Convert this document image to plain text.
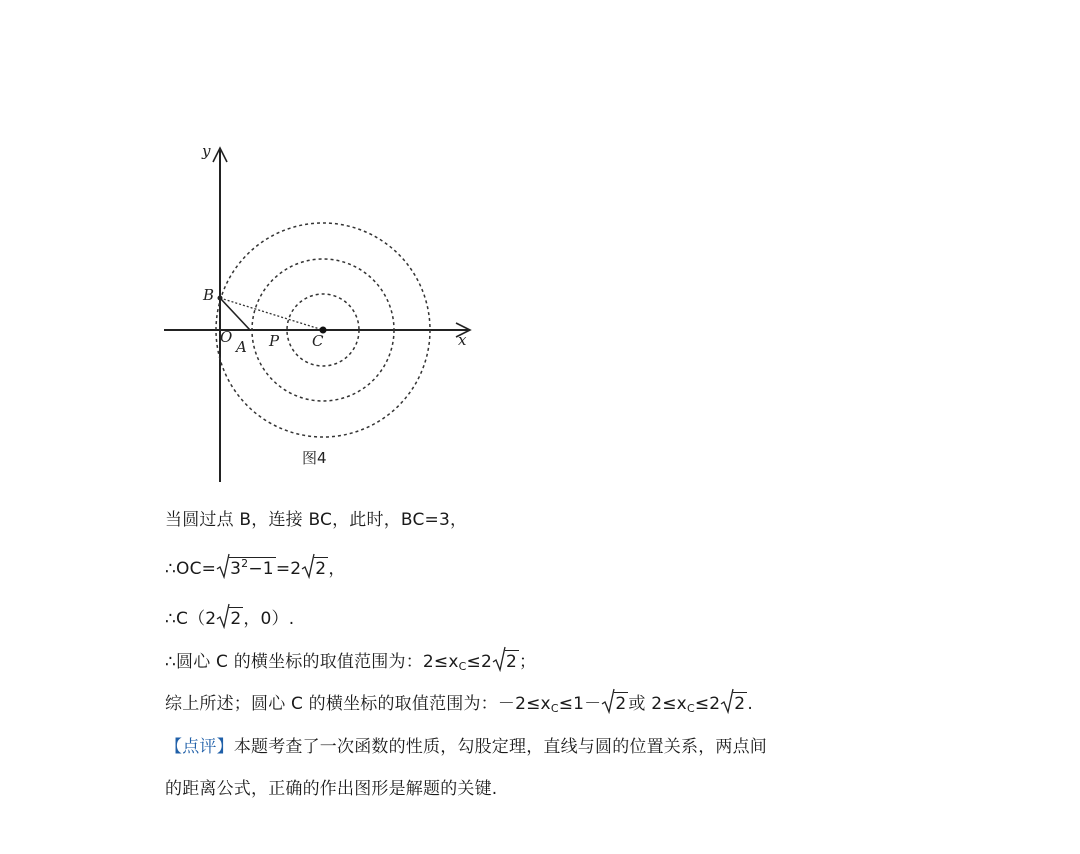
y
x
B
O
A P C
图4
当圆过点 B，连接 BC，此时，BC=3，
∴OC= $3^2-1 =2$ 2 ，
∴C（2 2 ，0）.
∴圆心 C 的横坐标的取值范围为：$2\le x_C\le 2$ 2 ；
综上所述；圆心 C 的横坐标的取值范围为：$-2\le x_C\le 1- 2$ 或 $2\le x_C\le 2$ 2 .
【点评】本题考查了一次函数的性质，勾股定理，直线与圆的位置关系，两点间
的距离公式，正确的作出图形是解题的关键.
